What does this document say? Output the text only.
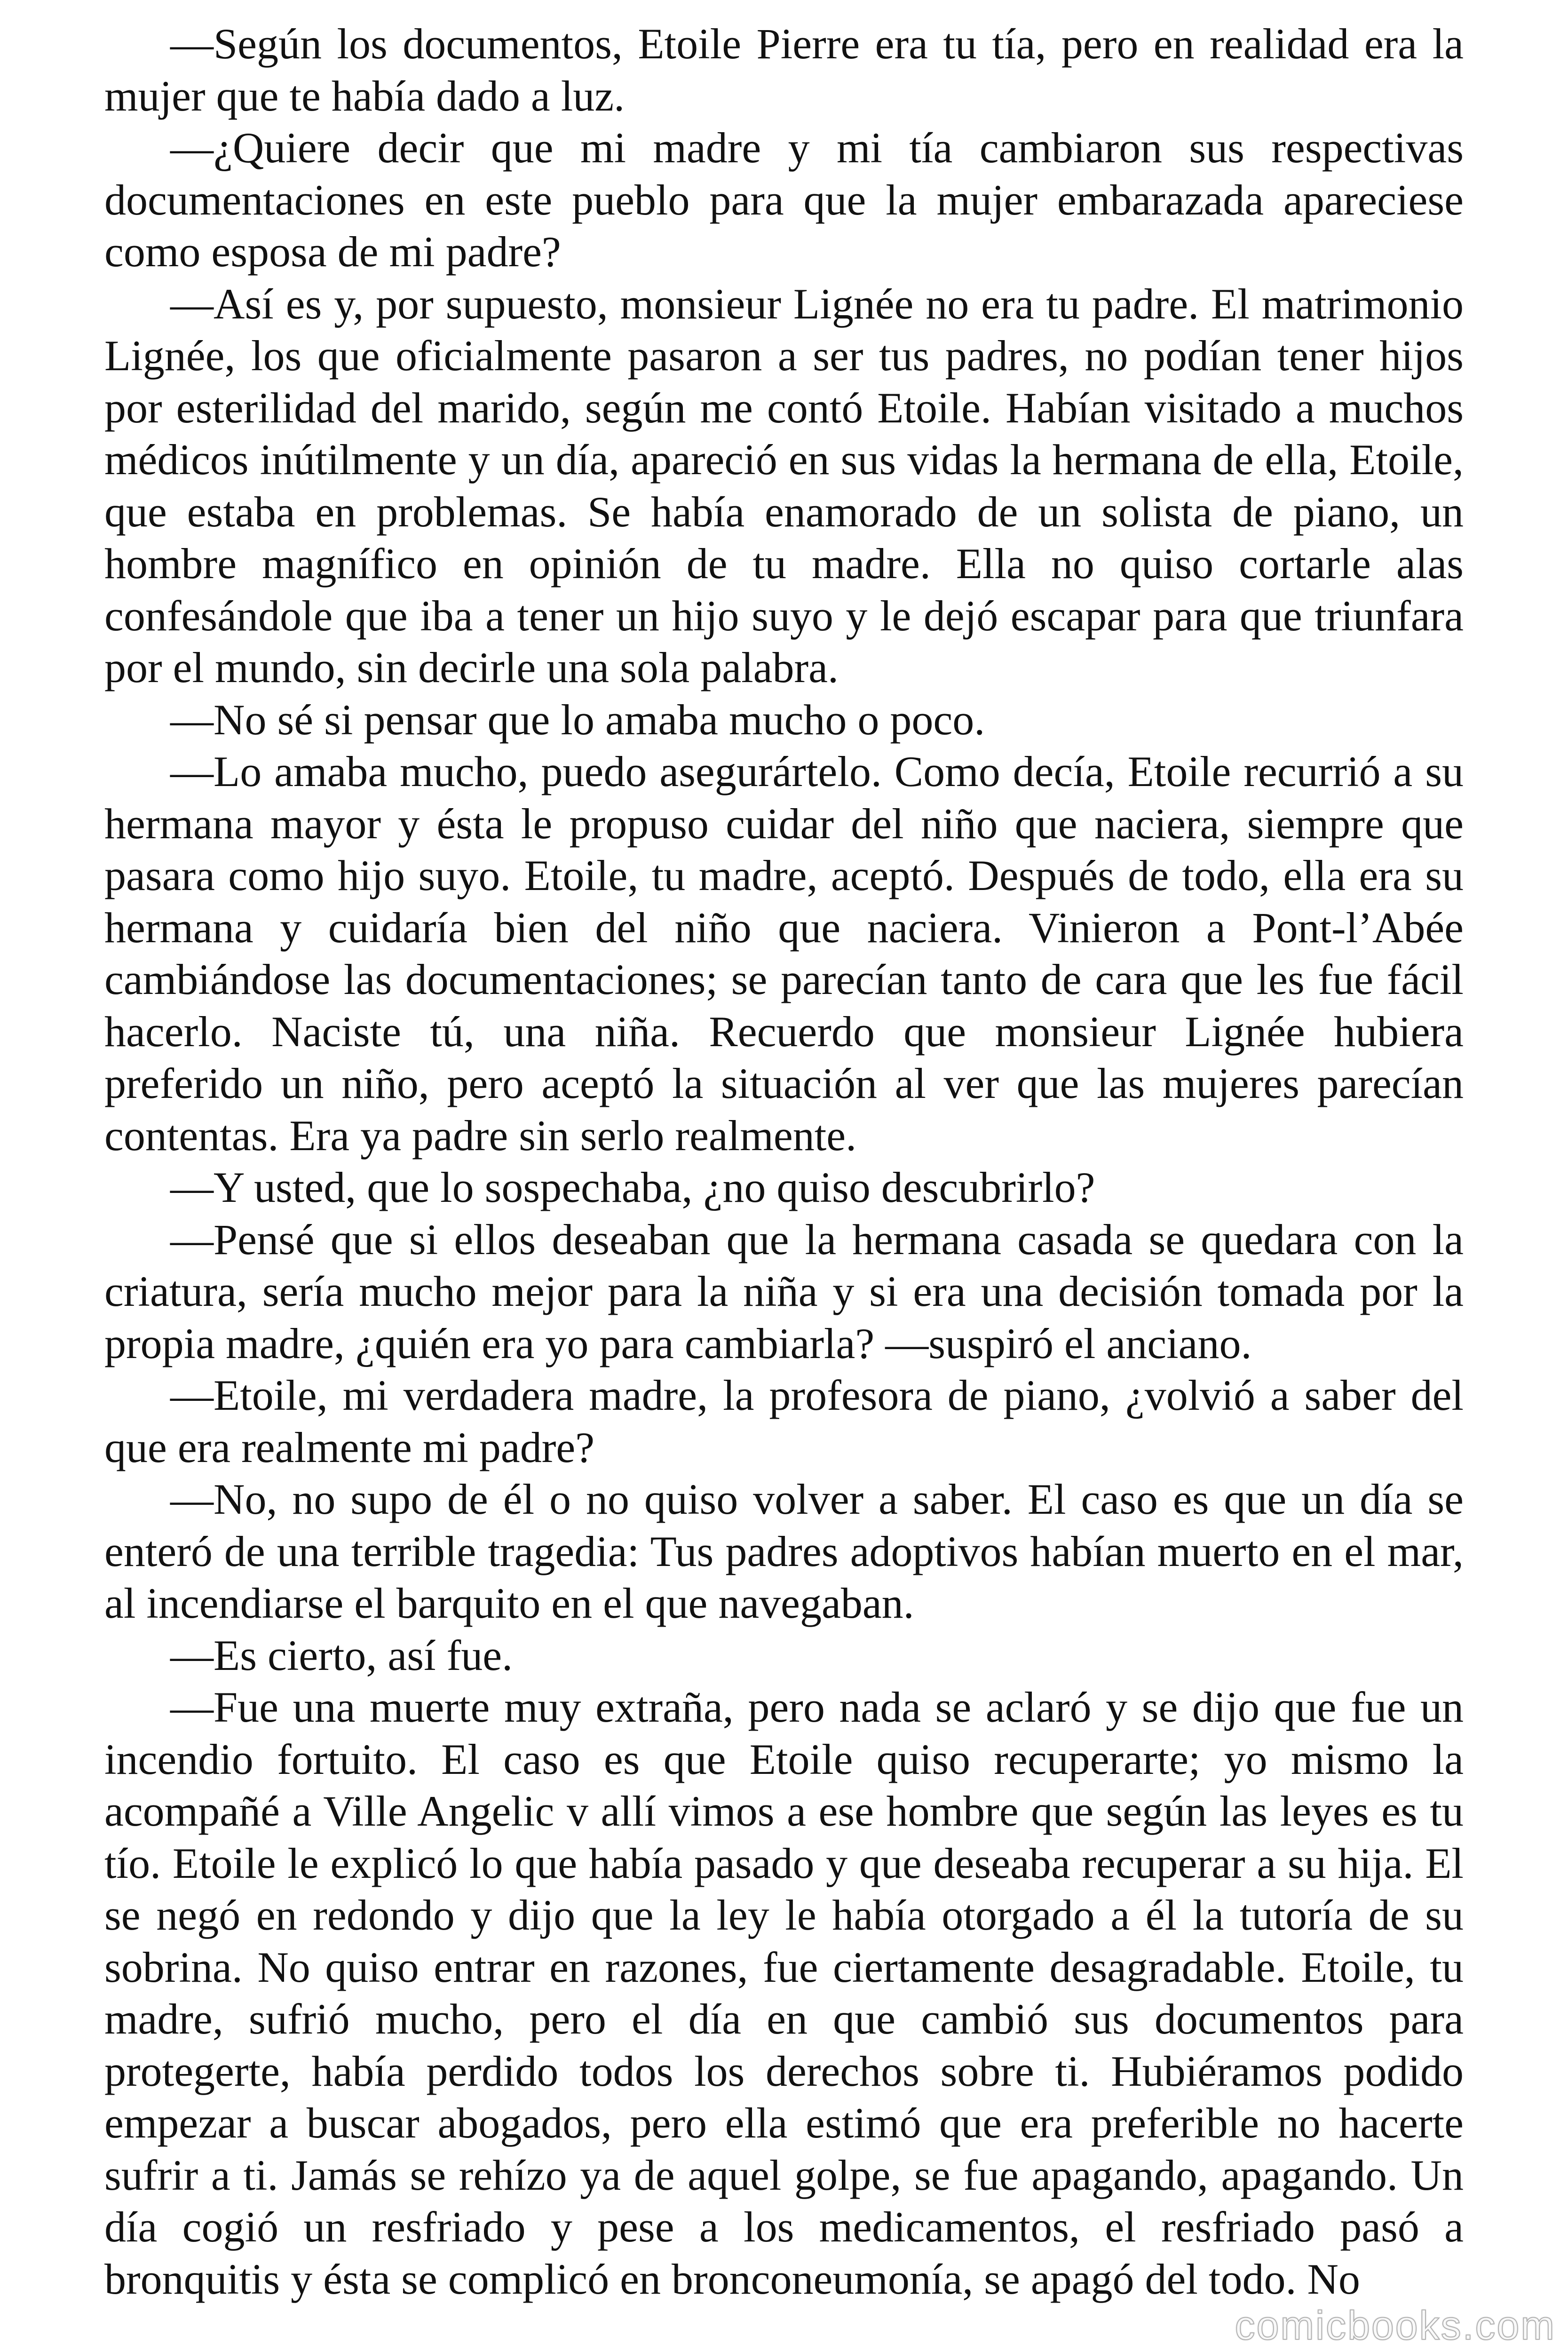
—Según los documentos, Etoile Pierre era tu tía, pero en realidad era la mujer que te había dado a luz.

—¿Quiere decir que mi madre y mi tía cambiaron sus respectivas documentaciones en este pueblo para que la mujer embarazada apareciese como esposa de mi padre?

—Así es y, por supuesto, monsieur Lignée no era tu padre. El matrimonio Lignée, los que oficialmente pasaron a ser tus padres, no podían tener hijos por esterilidad del marido, según me contó Etoile. Habían visitado a muchos médicos inútilmente y un día, apareció en sus vidas la hermana de ella, Etoile, que estaba en problemas. Se había enamorado de un solista de piano, un hombre magnífico en opinión de tu madre. Ella no quiso cortarle alas confesándole que iba a tener un hijo suyo y le dejó escapar para que triunfara por el mundo, sin decirle una sola palabra.

—No sé si pensar que lo amaba mucho o poco.

—Lo amaba mucho, puedo asegurártelo. Como decía, Etoile recurrió a su hermana mayor y ésta le propuso cuidar del niño que naciera, siempre que pasara como hijo suyo. Etoile, tu madre, aceptó. Después de todo, ella era su hermana y cuidaría bien del niño que naciera. Vinieron a Pont-l’Abée cambiándose las documentaciones; se parecían tanto de cara que les fue fácil hacerlo. Naciste tú, una niña. Recuerdo que monsieur Lignée hubiera preferido un niño, pero aceptó la situación al ver que las mujeres parecían contentas. Era ya padre sin serlo realmente.

—Y usted, que lo sospechaba, ¿no quiso descubrirlo?

—Pensé que si ellos deseaban que la hermana casada se quedara con la criatura, sería mucho mejor para la niña y si era una decisión tomada por la propia madre, ¿quién era yo para cambiarla? —suspiró el anciano.

—Etoile, mi verdadera madre, la profesora de piano, ¿volvió a saber del que era realmente mi padre?

—No, no supo de él o no quiso volver a saber. El caso es que un día se enteró de una terrible tragedia: Tus padres adoptivos habían muerto en el mar, al incendiarse el barquito en el que navegaban.

—Es cierto, así fue.

—Fue una muerte muy extraña, pero nada se aclaró y se dijo que fue un incendio fortuito. El caso es que Etoile quiso recuperarte; yo mismo la acompañé a Ville Angelic v allí vimos a ese hombre que según las leyes es tu tío. Etoile le explicó lo que había pasado y que deseaba recuperar a su hija. El se negó en redondo y dijo que la ley le había otorgado a él la tutoría de su sobrina. No quiso entrar en razones, fue ciertamente desagradable. Etoile, tu madre, sufrió mucho, pero el día en que cambió sus documentos para protegerte, había perdido todos los derechos sobre ti. Hubiéramos podido empezar a buscar abogados, pero ella estimó que era preferible no hacerte sufrir a ti. Jamás se rehízo ya de aquel golpe, se fue apagando, apagando. Un día cogió un resfriado y pese a los medicamentos, el resfriado pasó a bronquitis y ésta se complicó en bronconeumonía, se apagó del todo. No

comicbooks.com
